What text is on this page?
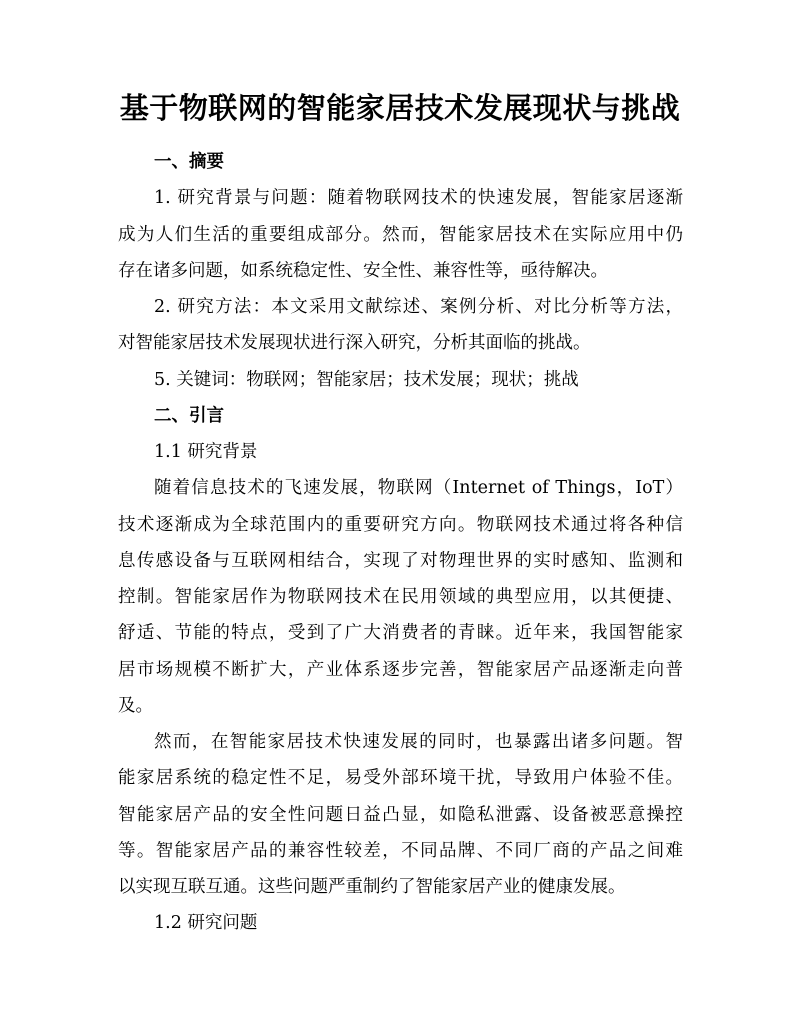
基于物联网的智能家居技术发展现状与挑战
一、摘要
1. 研究背景与问题：随着物联网技术的快速发展，智能家居逐渐
成为人们生活的重要组成部分。然而，智能家居技术在实际应用中仍
存在诸多问题，如系统稳定性、安全性、兼容性等，亟待解决。
2. 研究方法：本文采用文献综述、案例分析、对比分析等方法，
对智能家居技术发展现状进行深入研究，分析其面临的挑战。
5. 关键词：物联网；智能家居；技术发展；现状；挑战
二、引言
1.1 研究背景
随着信息技术的飞速发展，物联网（Internet of Things，IoT）
技术逐渐成为全球范围内的重要研究方向。物联网技术通过将各种信
息传感设备与互联网相结合，实现了对物理世界的实时感知、监测和
控制。智能家居作为物联网技术在民用领域的典型应用，以其便捷、
舒适、节能的特点，受到了广大消费者的青睐。近年来，我国智能家
居市场规模不断扩大，产业体系逐步完善，智能家居产品逐渐走向普
及。
然而，在智能家居技术快速发展的同时，也暴露出诸多问题。智
能家居系统的稳定性不足，易受外部环境干扰，导致用户体验不佳。
智能家居产品的安全性问题日益凸显，如隐私泄露、设备被恶意操控
等。智能家居产品的兼容性较差，不同品牌、不同厂商的产品之间难
以实现互联互通。这些问题严重制约了智能家居产业的健康发展。
1.2 研究问题
